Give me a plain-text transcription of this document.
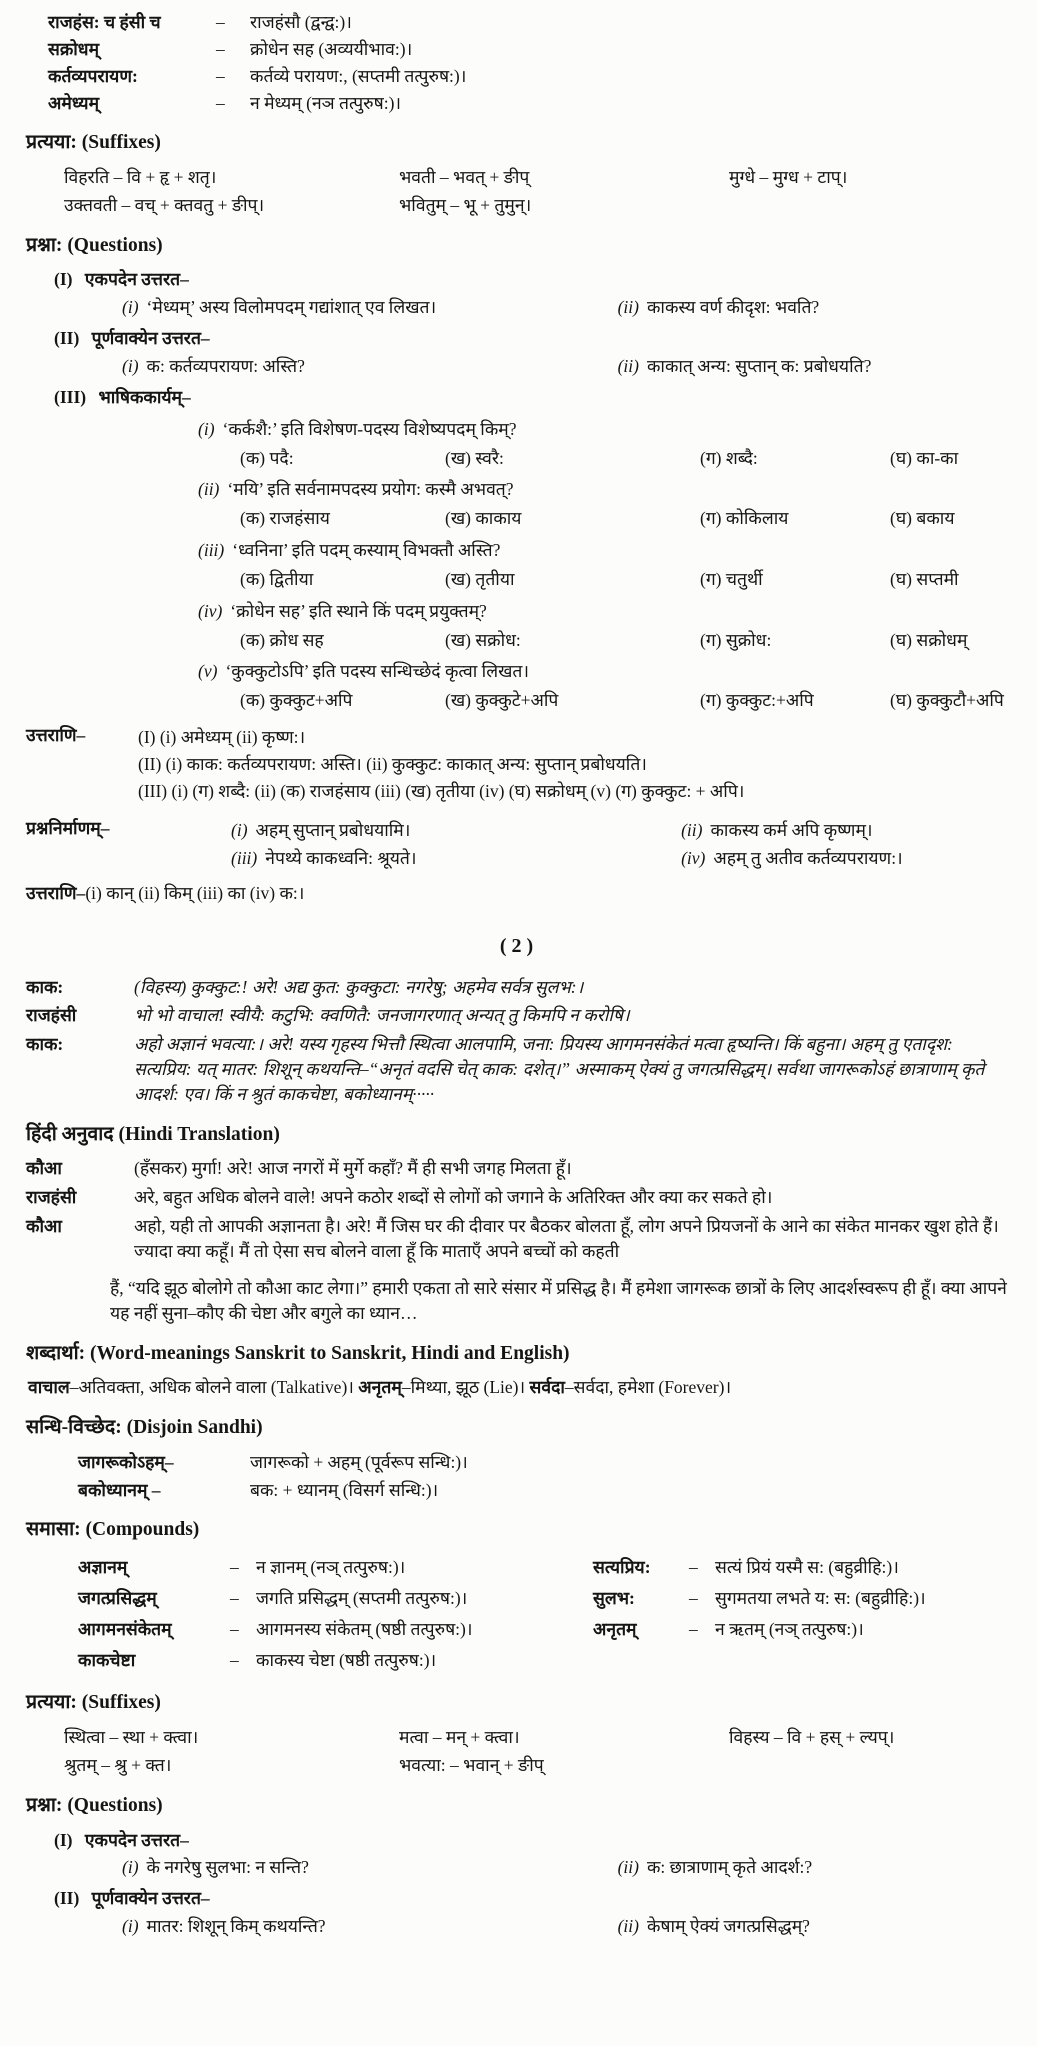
राजहंस: च हंसी च	–	राजहंसौ (द्वन्द्व:)।
सक्रोधम्	–	क्रोधेन सह (अव्ययीभाव:)।
कर्तव्यपरायण:	–	कर्तव्ये परायण:, (सप्तमी तत्पुरुष:)।
अमेध्यम्	–	न मेध्यम् (नञ तत्पुरुष:)।
प्रत्यया: (Suffixes)
विहरति – वि + हृ + शतृ।	भवती – भवत् + ङीप्	मुग्धे – मुग्ध + टाप्।
उक्तवती – वच् + क्तवतु + ङीप्।	भवितुम् – भू + तुमुन्।
प्रश्ना: (Questions)
(I) एकपदेन उत्तरत–
(i) ‘मेध्यम्’ अस्य विलोमपदम् गद्यांशात् एव लिखत।	(ii) काकस्य वर्ण कीदृश: भवति?
(II) पूर्णवाक्येन उत्तरत–
(i) क: कर्तव्यपरायण: अस्ति?	(ii) काकात् अन्य: सुप्तान् क: प्रबोधयति?
(III) भाषिककार्यम्–
(i) ‘कर्कशै:’ इति विशेषण-पदस्य विशेष्यपदम् किम्?
(क) पदै:	(ख) स्वरै:	(ग) शब्दै:	(घ) का-का
(ii) ‘मयि’ इति सर्वनामपदस्य प्रयोग: कस्मै अभवत्?
(क) राजहंसाय	(ख) काकाय	(ग) कोकिलाय	(घ) बकाय
(iii) ‘ध्वनिना’ इति पदम् कस्याम् विभक्तौ अस्ति?
(क) द्वितीया	(ख) तृतीया	(ग) चतुर्थी	(घ) सप्तमी
(iv) ‘क्रोधेन सह’ इति स्थाने किं पदम् प्रयुक्तम्?
(क) क्रोध सह	(ख) सक्रोध:	(ग) सुक्रोध:	(घ) सक्रोधम्
(v) ‘कुक्कुटोऽपि’ इति पदस्य सन्धिच्छेदं कृत्वा लिखत।
(क) कुक्कुट+अपि	(ख) कुक्कुटे+अपि	(ग) कुक्कुट:+अपि	(घ) कुक्कुटौ+अपि
उत्तराणि–	(I) (i) अमेध्यम् (ii) कृष्ण:।
(II) (i) काक: कर्तव्यपरायण: अस्ति। (ii) कुक्कुट: काकात् अन्य: सुप्तान् प्रबोधयति।
(III) (i) (ग) शब्दै: (ii) (क) राजहंसाय (iii) (ख) तृतीया (iv) (घ) सक्रोधम् (v) (ग) कुक्कुट: + अपि।
प्रश्ननिर्माणम्–	(i) अहम् सुप्तान् प्रबोधयामि।	(ii) काकस्य कर्म अपि कृष्णम्।
(iii) नेपथ्ये काकध्वनि: श्रूयते।	(iv) अहम् तु अतीव कर्तव्यपरायण:।
उत्तराणि–(i) कान् (ii) किम् (iii) का (iv) क:।
( 2 )
काक:	(विहस्य) कुक्कुट:! अरे! अद्य कुत: कुक्कुटा: नगरेषु; अहमेव सर्वत्र सुलभ:।
राजहंसी	भो भो वाचाल! स्वीयै: कटुभि: क्वणितै: जनजागरणात् अन्यत् तु किमपि न करोषि।
काक:	अहो अज्ञानं भवत्या:। अरे! यस्य गृहस्य भित्तौ स्थित्वा आलपामि, जना: प्रियस्य आगमनसंकेतं मत्वा हृष्यन्ति। किं बहुना। अहम् तु एतादृश: सत्यप्रिय: यत् मातर: शिशून् कथयन्ति–“अनृतं वदसि चेत् काक: दशेत्।” अस्माकम् ऐक्यं तु जगत्प्रसिद्धम्। सर्वथा जागरूकोऽहं छात्राणाम् कृते आदर्श: एव। किं न श्रुतं काकचेष्टा, बकोध्यानम्·····
हिंदी अनुवाद (Hindi Translation)
कौआ	(हँसकर) मुर्गा! अरे! आज नगरों में मुर्गे कहाँ? मैं ही सभी जगह मिलता हूँ।
राजहंसी	अरे, बहुत अधिक बोलने वाले! अपने कठोर शब्दों से लोगों को जगाने के अतिरिक्त और क्या कर सकते हो।
कौआ	अहो, यही तो आपकी अज्ञानता है। अरे! मैं जिस घर की दीवार पर बैठकर बोलता हूँ, लोग अपने प्रियजनों के आने का संकेत मानकर खुश होते हैं। ज्यादा क्या कहूँ। मैं तो ऐसा सच बोलने वाला हूँ कि माताएँ अपने बच्चों को कहती
हैं, “यदि झूठ बोलोगे तो कौआ काट लेगा।” हमारी एकता तो सारे संसार में प्रसिद्ध है। मैं हमेशा जागरूक छात्रों के लिए आदर्शस्वरूप ही हूँ। क्या आपने यह नहीं सुना–कौए की चेष्टा और बगुले का ध्यान…
शब्दार्था: (Word-meanings Sanskrit to Sanskrit, Hindi and English)

वाचाल–अतिवक्ता, अधिक बोलने वाला (Talkative)। अनृतम्–मिथ्या, झूठ (Lie)। सर्वदा–सर्वदा, हमेशा (Forever)।

सन्धि-विच्छेद: (Disjoin Sandhi)
जागरूकोऽहम्–	जागरूको + अहम् (पूर्वरूप सन्धि:)।
बकोध्यानम् –	बक: + ध्यानम् (विसर्ग सन्धि:)।
समासा: (Compounds)
अज्ञानम्	– न ज्ञानम् (नञ् तत्पुरुष:)।	सत्यप्रिय:	– सत्यं प्रियं यस्मै स: (बहुव्रीहि:)।
जगत्प्रसिद्धम्	– जगति प्रसिद्धम् (सप्तमी तत्पुरुष:)।	सुलभ:	– सुगमतया लभते य: स: (बहुव्रीहि:)।
आगमनसंकेतम्	– आगमनस्य संकेतम् (षष्ठी तत्पुरुष:)।	अनृतम्	– न ऋतम् (नञ् तत्पुरुष:)।
काकचेष्टा	– काकस्य चेष्टा (षष्ठी तत्पुरुष:)।
प्रत्यया: (Suffixes)
स्थित्वा – स्था + क्त्वा।	मत्वा – मन् + क्त्वा।	विहस्य – वि + हस् + ल्यप्।
श्रुतम् – श्रु + क्त।	भवत्या: – भवान् + ङीप्
प्रश्ना: (Questions)
(I) एकपदेन उत्तरत–
(i) के नगरेषु सुलभा: न सन्ति?	(ii) क: छात्राणाम् कृते आदर्श:?
(II) पूर्णवाक्येन उत्तरत–
(i) मातर: शिशून् किम् कथयन्ति?	(ii) केषाम् ऐक्यं जगत्प्रसिद्धम्?
